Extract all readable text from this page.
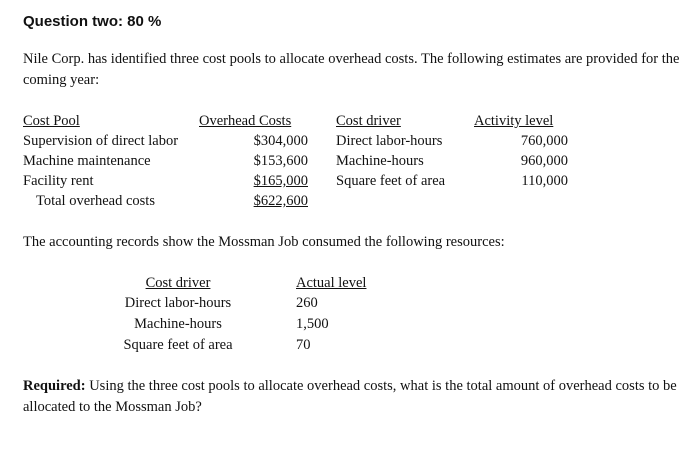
Question two: 80 %
Nile Corp. has identified three cost pools to allocate overhead costs. The following estimates are provided for the coming year:
Cost Pool	Overhead Costs	Cost driver	Activity level
Supervision of direct labor	$304,000 Direct labor-hours	760,000
Machine maintenance	$153,600 Machine-hours	960,000
Facility rent	$165,000 Square feet of area	110,000
Total overhead costs	$622,600
The accounting records show the Mossman Job consumed the following resources:
Cost driver	Actual level
Direct labor-hours	260
Machine-hours	1,500
Square feet of area	70
Required: Using the three cost pools to allocate overhead costs, what is the total amount of overhead costs to be allocated to the Mossman Job?
